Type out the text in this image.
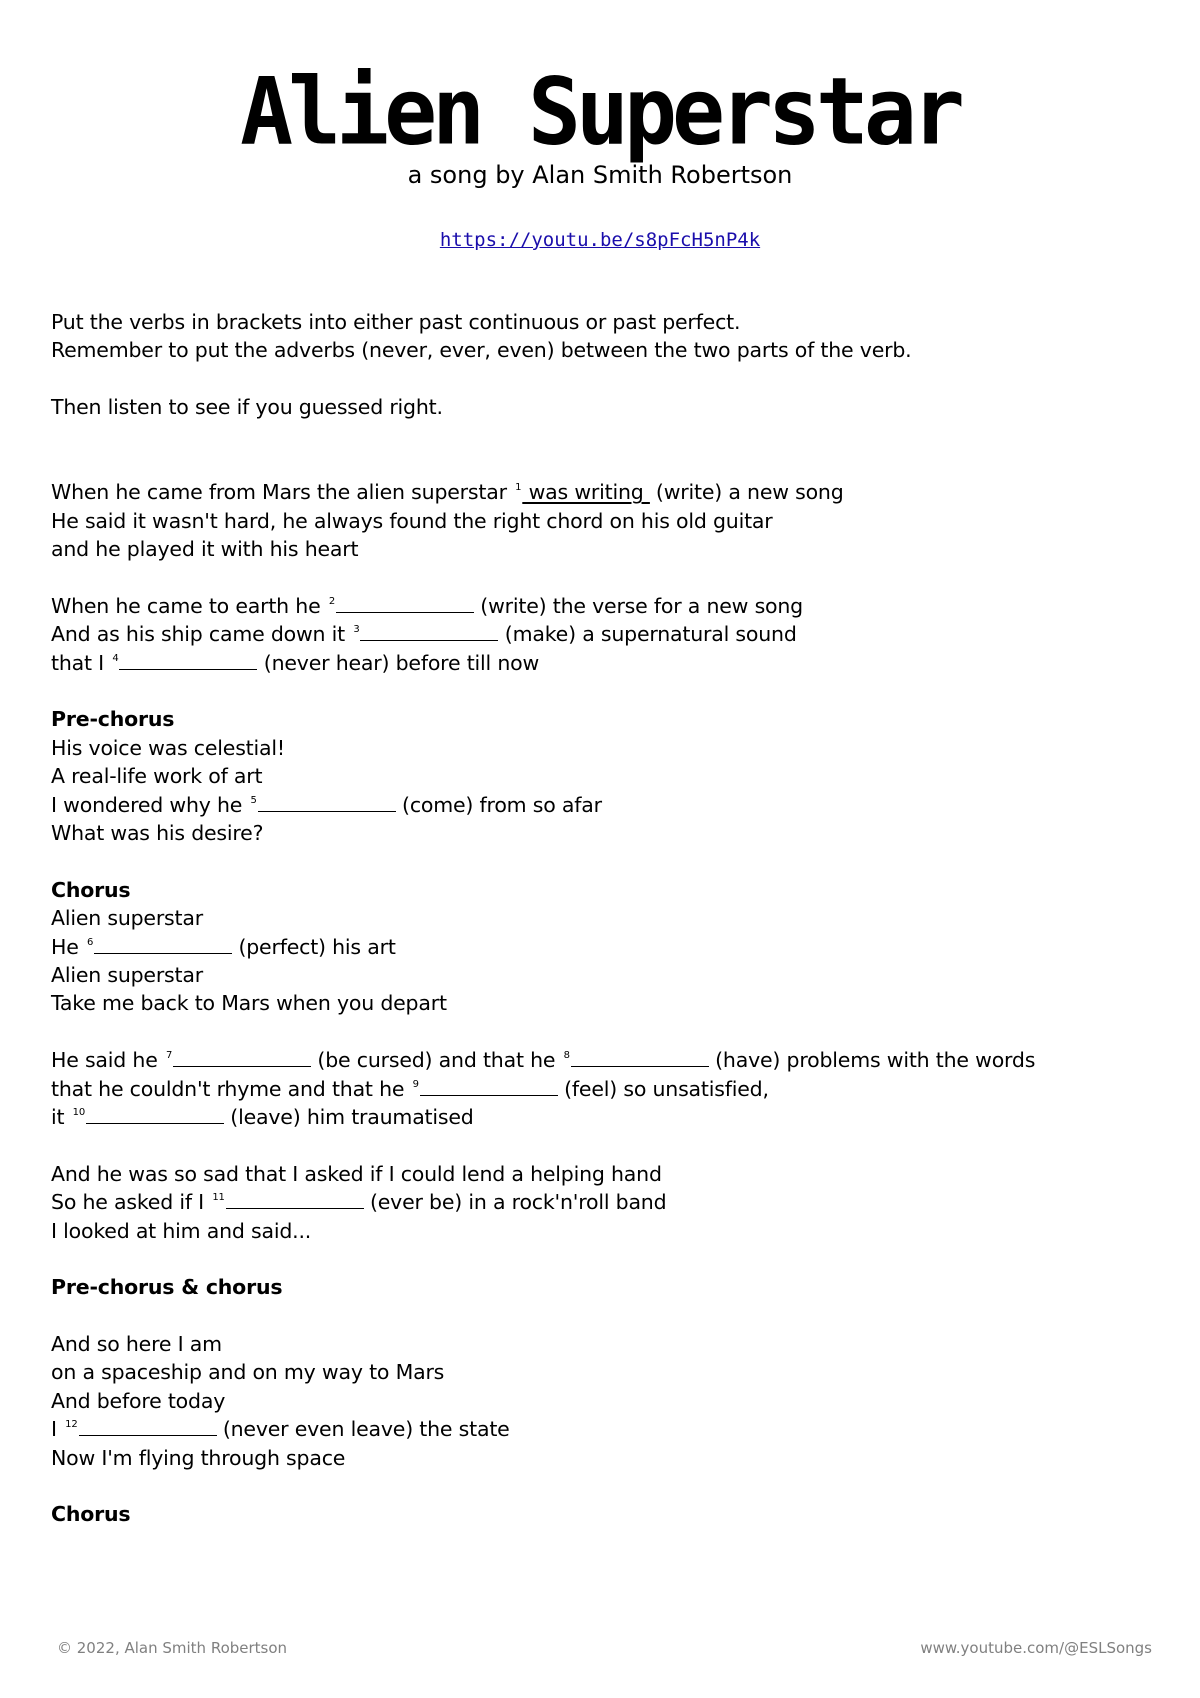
Alien Superstar
a song by Alan Smith Robertson
https://youtu.be/s8pFcH5nP4k
Put the verbs in brackets into either past continuous or past perfect.
Remember to put the adverbs (never, ever, even) between the two parts of the verb.
Then listen to see if you guessed right.
When he came from Mars the alien superstar $^1$ was writing (write) a new song
He said it wasn't hard, he always found the right chord on his old guitar
and he played it with his heart
When he came to earth he $^2$	(write) the verse for a new song
And as his ship came down it $^3$	(make) a supernatural sound
that I $^4$	(never hear) before till now
Pre-chorus
His voice was celestial!
A real-life work of art
I wondered why he $^5$	(come) from so afar
What was his desire?
Chorus
Alien superstar
He $^6$	(perfect) his art
Alien superstar
Take me back to Mars when you depart
He said he $^7$	(be cursed) and that he $^8$	(have) problems with the words
that he couldn't rhyme and that he $^9$	(feel) so unsatisfied,
it $^{10}$	(leave) him traumatised
And he was so sad that I asked if I could lend a helping hand
So he asked if I $^{11}$	(ever be) in a rock'n'roll band
I looked at him and said...
Pre-chorus & chorus
And so here I am
on a spaceship and on my way to Mars
And before today
I $^{12}$	(never even leave) the state
Now I'm flying through space
Chorus
© 2022, Alan Smith Robertson	www.youtube.com/@ESLSongs
